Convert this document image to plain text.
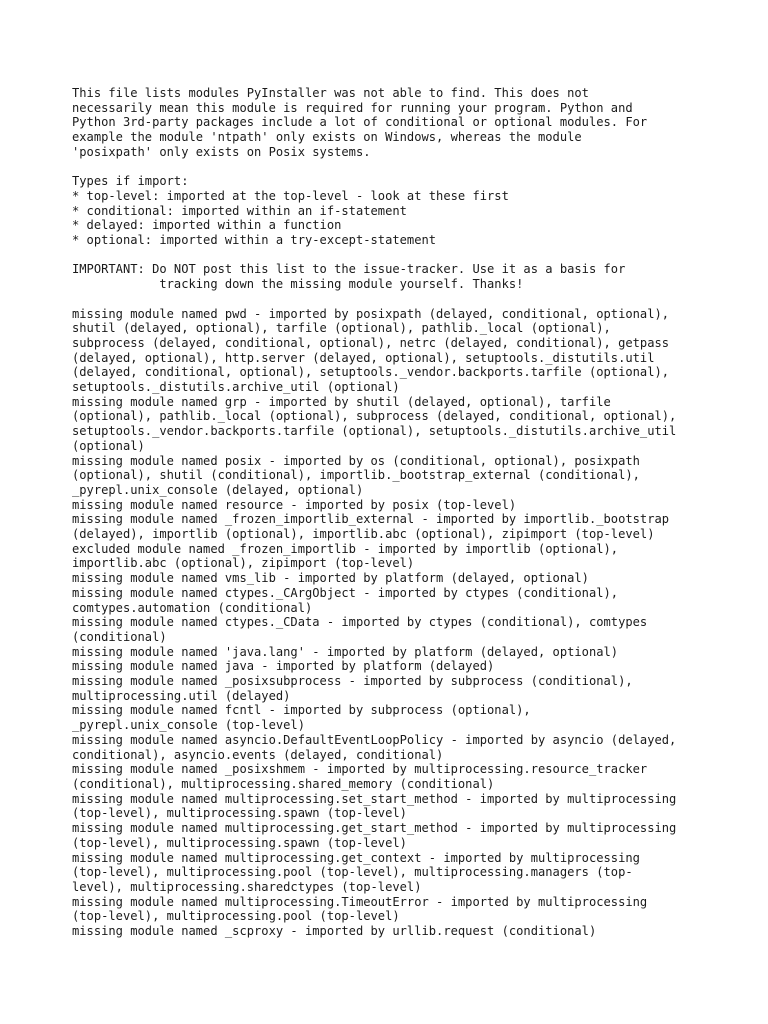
This file lists modules PyInstaller was not able to find. This does not
necessarily mean this module is required for running your program. Python and
Python 3rd-party packages include a lot of conditional or optional modules. For
example the module 'ntpath' only exists on Windows, whereas the module
'posixpath' only exists on Posix systems.
Types if import:
* top-level: imported at the top-level - look at these first
* conditional: imported within an if-statement
* delayed: imported within a function
* optional: imported within a try-except-statement
IMPORTANT: Do NOT post this list to the issue-tracker. Use it as a basis for
tracking down the missing module yourself. Thanks!
missing module named pwd - imported by posixpath (delayed, conditional, optional),
shutil (delayed, optional), tarfile (optional), pathlib._local (optional),
subprocess (delayed, conditional, optional), netrc (delayed, conditional), getpass
(delayed, optional), http.server (delayed, optional), setuptools._distutils.util
(delayed, conditional, optional), setuptools._vendor.backports.tarfile (optional),
setuptools._distutils.archive_util (optional)
missing module named grp - imported by shutil (delayed, optional), tarfile
(optional), pathlib._local (optional), subprocess (delayed, conditional, optional),
setuptools._vendor.backports.tarfile (optional), setuptools._distutils.archive_util
(optional)
missing module named posix - imported by os (conditional, optional), posixpath
(optional), shutil (conditional), importlib._bootstrap_external (conditional),
_pyrepl.unix_console (delayed, optional)
missing module named resource - imported by posix (top-level)
missing module named _frozen_importlib_external - imported by importlib._bootstrap
(delayed), importlib (optional), importlib.abc (optional), zipimport (top-level)
excluded module named _frozen_importlib - imported by importlib (optional),
importlib.abc (optional), zipimport (top-level)
missing module named vms_lib - imported by platform (delayed, optional)
missing module named ctypes._CArgObject - imported by ctypes (conditional),
comtypes.automation (conditional)
missing module named ctypes._CData - imported by ctypes (conditional), comtypes
(conditional)
missing module named 'java.lang' - imported by platform (delayed, optional)
missing module named java - imported by platform (delayed)
missing module named _posixsubprocess - imported by subprocess (conditional),
multiprocessing.util (delayed)
missing module named fcntl - imported by subprocess (optional),
_pyrepl.unix_console (top-level)
missing module named asyncio.DefaultEventLoopPolicy - imported by asyncio (delayed,
conditional), asyncio.events (delayed, conditional)
missing module named _posixshmem - imported by multiprocessing.resource_tracker
(conditional), multiprocessing.shared_memory (conditional)
missing module named multiprocessing.set_start_method - imported by multiprocessing
(top-level), multiprocessing.spawn (top-level)
missing module named multiprocessing.get_start_method - imported by multiprocessing
(top-level), multiprocessing.spawn (top-level)
missing module named multiprocessing.get_context - imported by multiprocessing
(top-level), multiprocessing.pool (top-level), multiprocessing.managers (top-
level), multiprocessing.sharedctypes (top-level)
missing module named multiprocessing.TimeoutError - imported by multiprocessing
(top-level), multiprocessing.pool (top-level)
missing module named _scproxy - imported by urllib.request (conditional)
